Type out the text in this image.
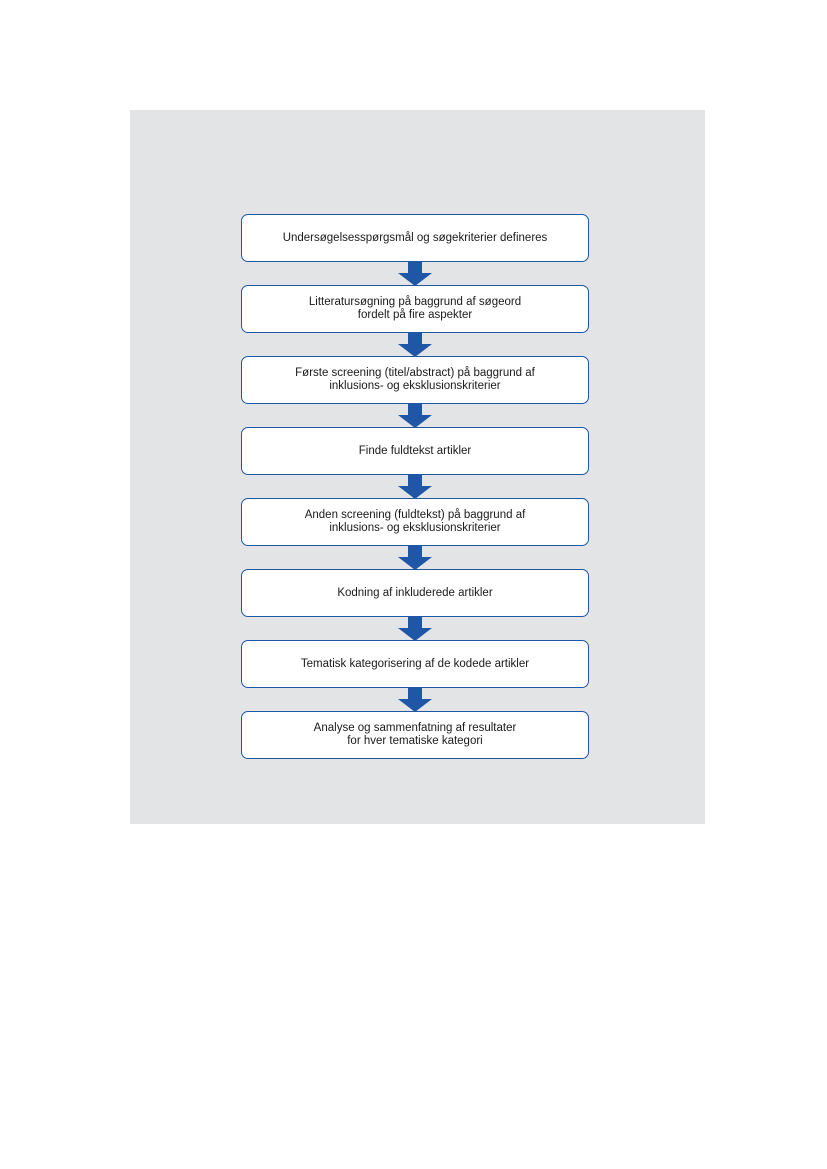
Undersøgelsesspørgsmål og søgekriterier defineres
Litteratursøgning på baggrund af søgeord
fordelt på fire aspekter
Første screening (titel/abstract) på baggrund af
inklusions- og eksklusionskriterier
Finde fuldtekst artikler
Anden screening (fuldtekst) på baggrund af
inklusions- og eksklusionskriterier
Kodning af inkluderede artikler
Tematisk kategorisering af de kodede artikler
Analyse og sammenfatning af resultater
for hver tematiske kategori
